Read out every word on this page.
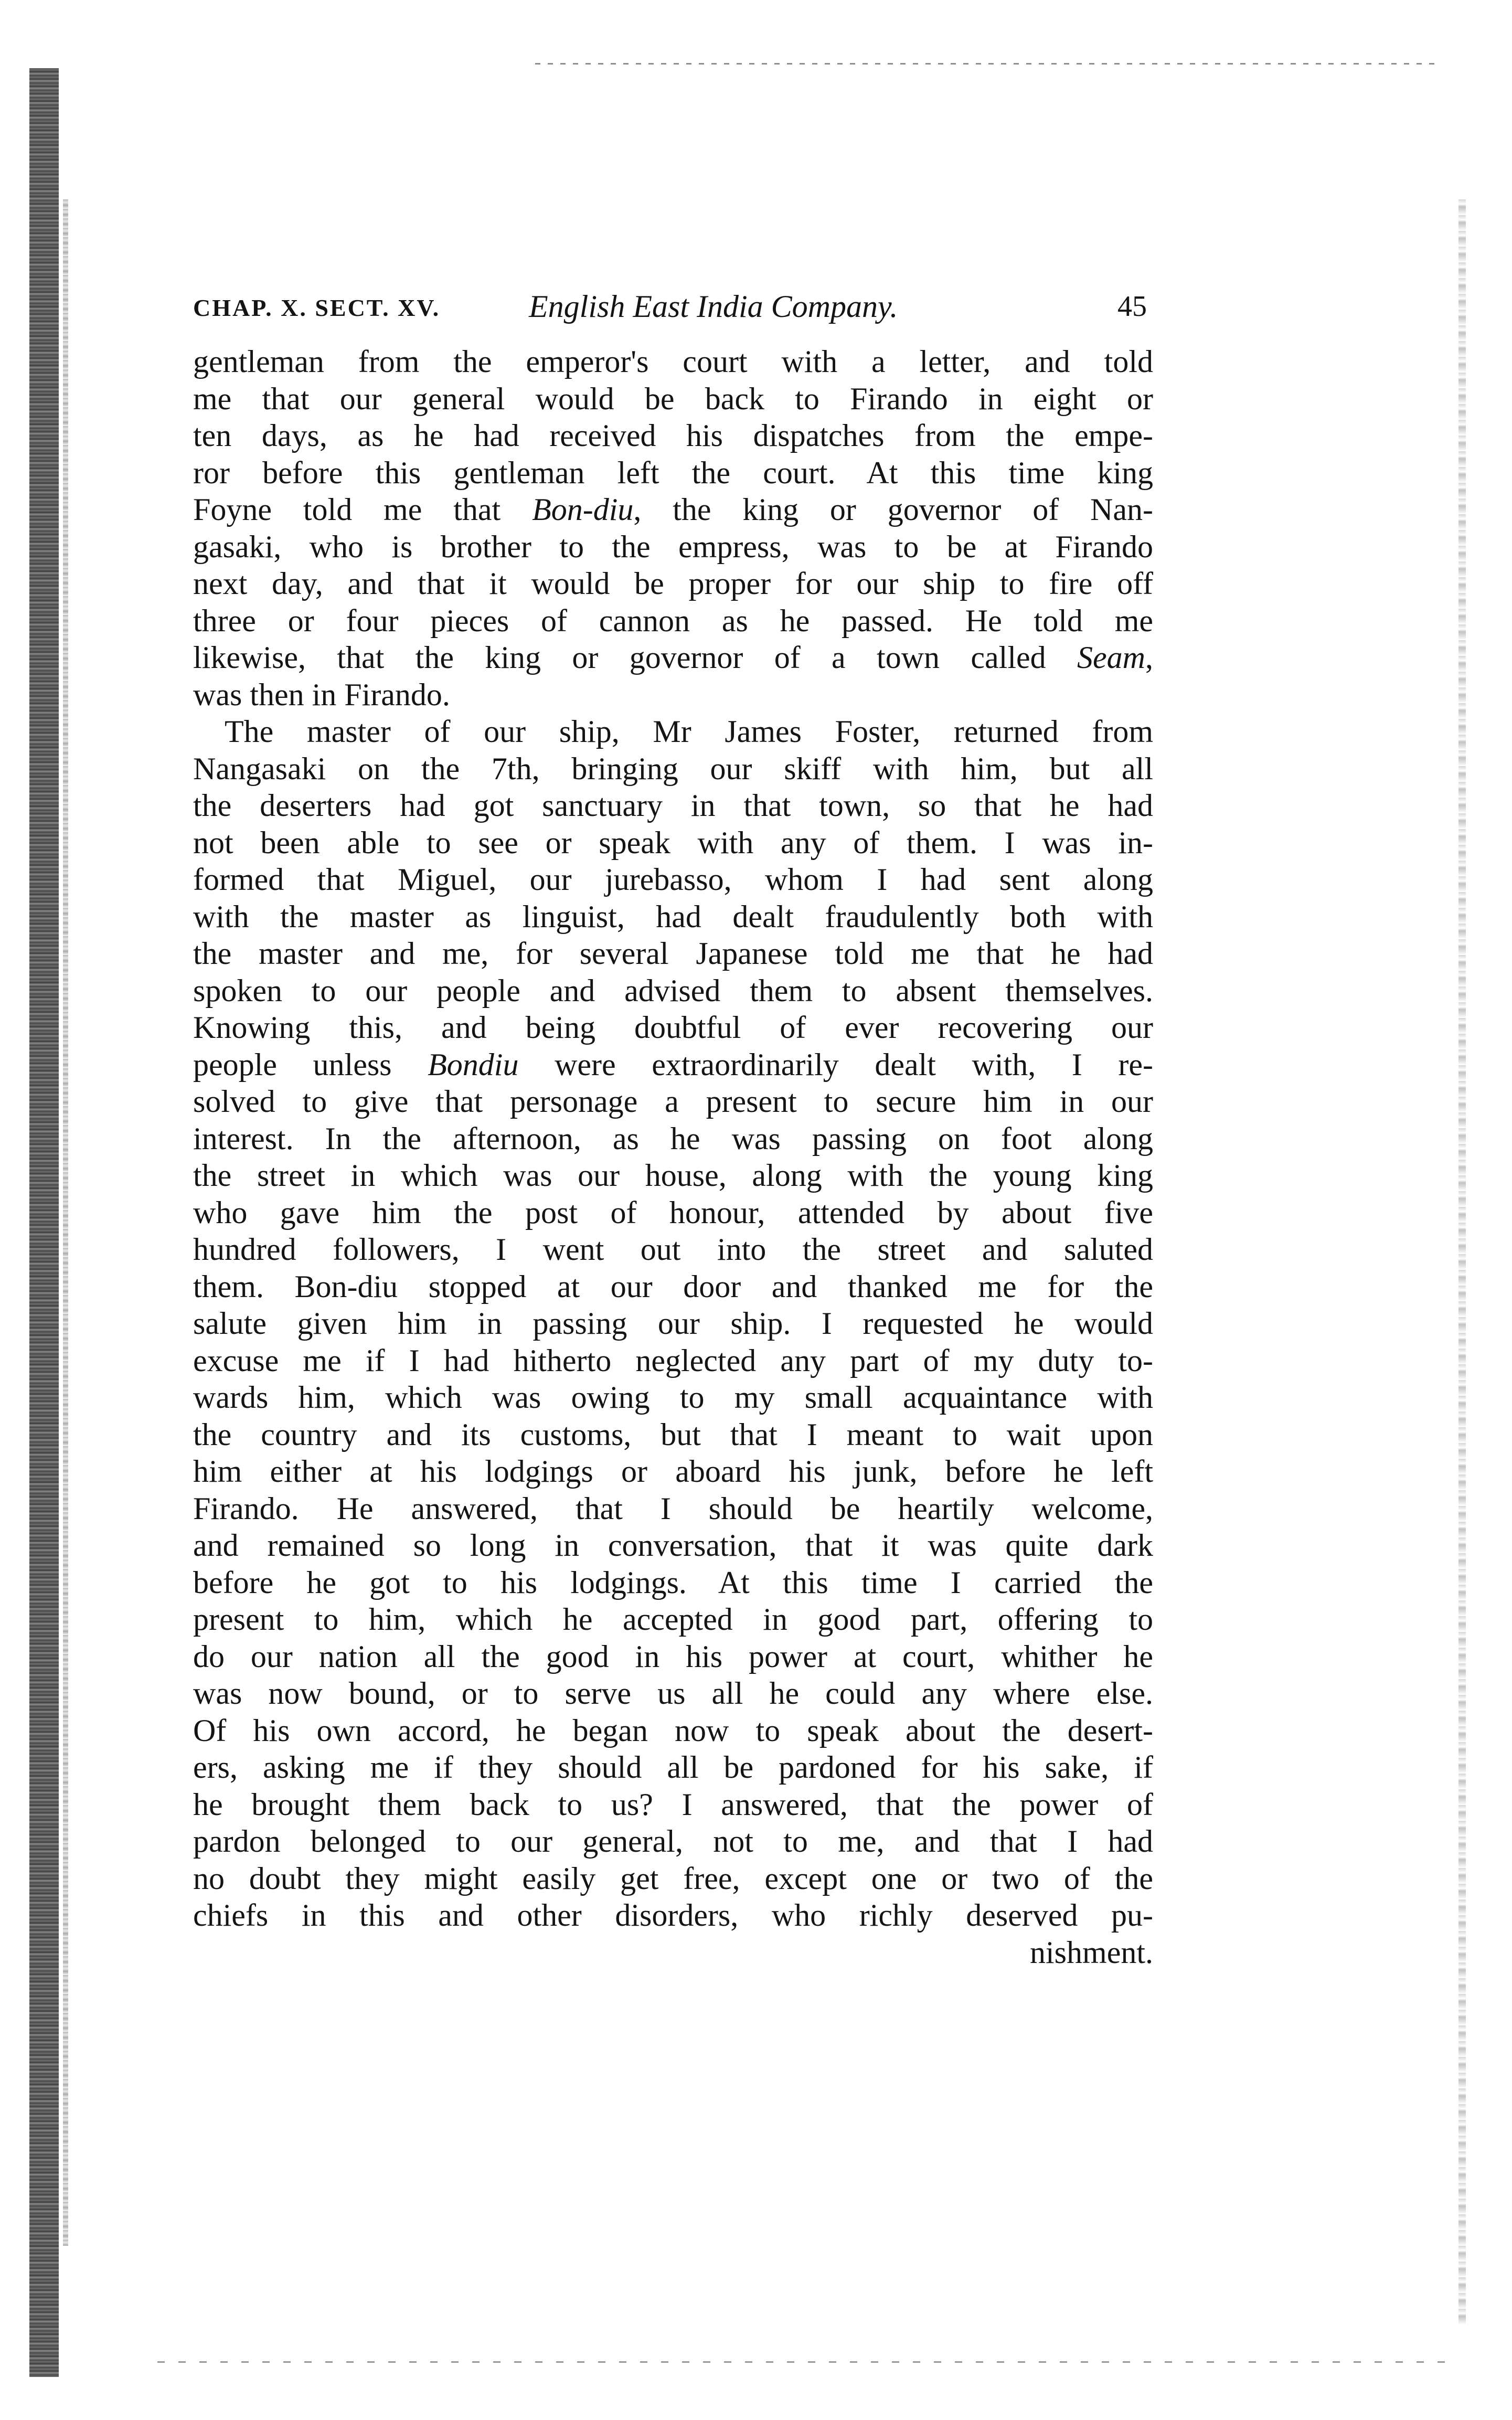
CHAP. X. SECT. XV.	English East India Company.	45
gentleman from the emperor's court with a letter, and told
me that our general would be back to Firando in eight or
ten days, as he had received his dispatches from the empe-
ror before this gentleman left the court. At this time king
Foyne told me that Bon-diu, the king or governor of Nan-
gasaki, who is brother to the empress, was to be at Firando
next day, and that it would be proper for our ship to fire off
three or four pieces of cannon as he passed. He told me
likewise, that the king or governor of a town called Seam,
was then in Firando.
The master of our ship, Mr James Foster, returned from
Nangasaki on the 7th, bringing our skiff with him, but all
the deserters had got sanctuary in that town, so that he had
not been able to see or speak with any of them. I was in-
formed that Miguel, our jurebasso, whom I had sent along
with the master as linguist, had dealt fraudulently both with
the master and me, for several Japanese told me that he had
spoken to our people and advised them to absent themselves.
Knowing this, and being doubtful of ever recovering our
people unless Bondiu were extraordinarily dealt with, I re-
solved to give that personage a present to secure him in our
interest. In the afternoon, as he was passing on foot along
the street in which was our house, along with the young king
who gave him the post of honour, attended by about five
hundred followers, I went out into the street and saluted
them. Bon-diu stopped at our door and thanked me for the
salute given him in passing our ship. I requested he would
excuse me if I had hitherto neglected any part of my duty to-
wards him, which was owing to my small acquaintance with
the country and its customs, but that I meant to wait upon
him either at his lodgings or aboard his junk, before he left
Firando. He answered, that I should be heartily welcome,
and remained so long in conversation, that it was quite dark
before he got to his lodgings. At this time I carried the
present to him, which he accepted in good part, offering to
do our nation all the good in his power at court, whither he
was now bound, or to serve us all he could any where else.
Of his own accord, he began now to speak about the desert-
ers, asking me if they should all be pardoned for his sake, if
he brought them back to us? I answered, that the power of
pardon belonged to our general, not to me, and that I had
no doubt they might easily get free, except one or two of the
chiefs in this and other disorders, who richly deserved pu-
nishment.
